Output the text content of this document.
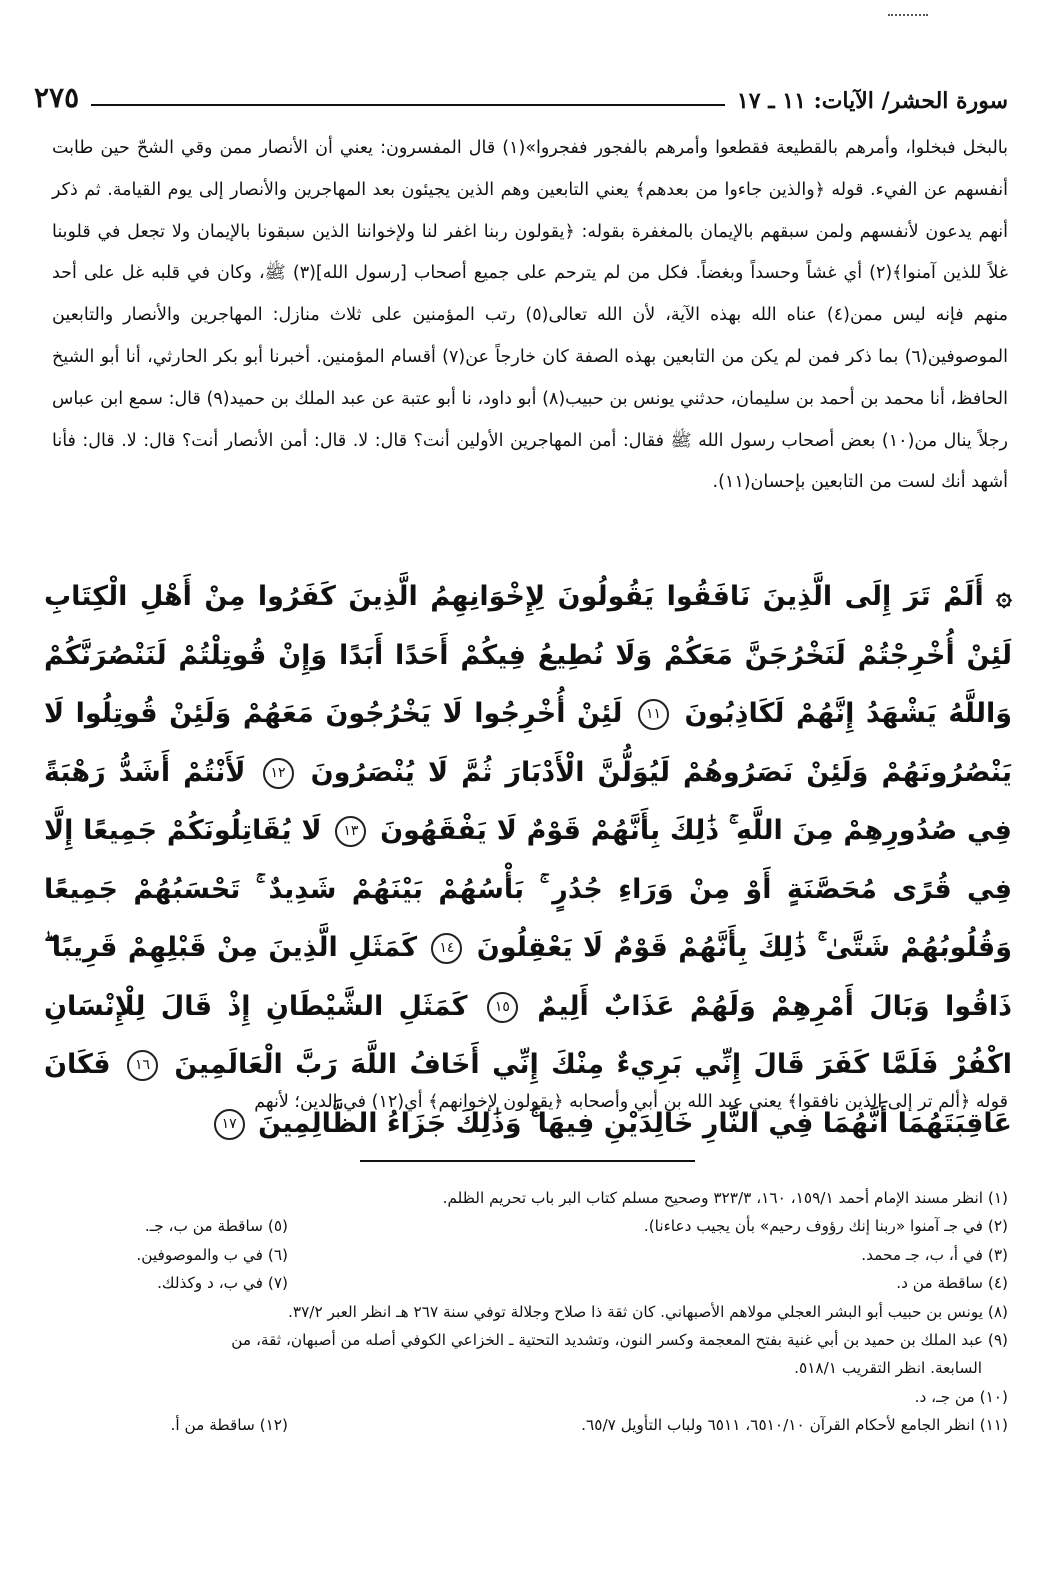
سورة الحشر/ الآيات: ١١ ـ ١٧
٢٧٥

بالبخل فبخلوا، وأمرهم بالقطيعة فقطعوا وأمرهم بالفجور ففجروا»(١) قال المفسرون: يعني أن الأنصار ممن وقي الشحّ حين طابت أنفسهم عن الفيء. قوله ﴿والذين جاءوا من بعدهم﴾ يعني التابعين وهم الذين يجيئون بعد المهاجرين والأنصار إلى يوم القيامة. ثم ذكر أنهم يدعون لأنفسهم ولمن سبقهم بالإيمان بالمغفرة بقوله: ﴿يقولون ربنا اغفر لنا ولإخواننا الذين سبقونا بالإيمان ولا تجعل في قلوبنا غلاً للذين آمنوا﴾(٢) أي غشاً وحسداً وبغضاً. فكل من لم يترحم على جميع أصحاب [رسول الله](٣) ﷺ، وكان في قلبه غل على أحد منهم فإنه ليس ممن(٤) عناه الله بهذه الآية، لأن الله تعالى(٥) رتب المؤمنين على ثلاث منازل: المهاجرين والأنصار والتابعين الموصوفين(٦) بما ذكر فمن لم يكن من التابعين بهذه الصفة كان خارجاً عن(٧) أقسام المؤمنين. أخبرنا أبو بكر الحارثي، أنا أبو الشيخ الحافظ، أنا محمد بن أحمد بن سليمان، حدثني يونس بن حبيب(٨) أبو داود، نا أبو عتبة عن عبد الملك بن حميد(٩) قال: سمع ابن عباس رجلاً ينال من(١٠) بعض أصحاب رسول الله ﷺ فقال: أمن المهاجرين الأولين أنت؟ قال: لا. قال: أمن الأنصار أنت؟ قال: لا. قال: فأنا أشهد أنك لست من التابعين بإحسان(١١).

۞ أَلَمْ تَرَ إِلَى الَّذِينَ نَافَقُوا يَقُولُونَ لِإِخْوَانِهِمُ الَّذِينَ كَفَرُوا مِنْ أَهْلِ الْكِتَابِ لَئِنْ أُخْرِجْتُمْ لَنَخْرُجَنَّ مَعَكُمْ وَلَا نُطِيعُ فِيكُمْ أَحَدًا أَبَدًا وَإِنْ قُوتِلْتُمْ لَنَنْصُرَنَّكُمْ وَاللَّهُ يَشْهَدُ إِنَّهُمْ لَكَاذِبُونَ ١١ لَئِنْ أُخْرِجُوا لَا يَخْرُجُونَ مَعَهُمْ وَلَئِنْ قُوتِلُوا لَا يَنْصُرُونَهُمْ وَلَئِنْ نَصَرُوهُمْ لَيُوَلُّنَّ الْأَدْبَارَ ثُمَّ لَا يُنْصَرُونَ ١٢ لَأَنْتُمْ أَشَدُّ رَهْبَةً فِي صُدُورِهِمْ مِنَ اللَّهِ ۚ ذَٰلِكَ بِأَنَّهُمْ قَوْمٌ لَا يَفْقَهُونَ ١٣ لَا يُقَاتِلُونَكُمْ جَمِيعًا إِلَّا فِي قُرًى مُحَصَّنَةٍ أَوْ مِنْ وَرَاءِ جُدُرٍ ۚ بَأْسُهُمْ بَيْنَهُمْ شَدِيدٌ ۚ تَحْسَبُهُمْ جَمِيعًا وَقُلُوبُهُمْ شَتَّىٰ ۚ ذَٰلِكَ بِأَنَّهُمْ قَوْمٌ لَا يَعْقِلُونَ ١٤ كَمَثَلِ الَّذِينَ مِنْ قَبْلِهِمْ قَرِيبًا ۖ ذَاقُوا وَبَالَ أَمْرِهِمْ وَلَهُمْ عَذَابٌ أَلِيمٌ ١٥ كَمَثَلِ الشَّيْطَانِ إِذْ قَالَ لِلْإِنْسَانِ اكْفُرْ فَلَمَّا كَفَرَ قَالَ إِنِّي بَرِيءٌ مِنْكَ إِنِّي أَخَافُ اللَّهَ رَبَّ الْعَالَمِينَ ١٦ فَكَانَ عَاقِبَتَهُمَا أَنَّهُمَا فِي النَّارِ خَالِدَيْنِ فِيهَا ۚ وَذَٰلِكَ جَزَاءُ الظَّالِمِينَ ١٧

قوله ﴿ألم تر إلى الذين نافقوا﴾ يعني عبد الله بن أبي وأصحابه ﴿يقولون لإخوانهم﴾ أي(١٢) في الدين؛ لأنهم

(١) انظر مسند الإمام أحمد ١٥٩/١، ١٦٠، ٣٢٣/٣ وصحيح مسلم كتاب البر باب تحريم الظلم.

(٢) في جـ آمنوا «ربنا إنك رؤوف رحيم» بأن يجيب دعاءنا).
(٥) ساقطة من ب، جـ.
(٣) في أ، ب، جـ محمد.
(٦) في ب والموصوفين.
(٤) ساقطة من د.
(٧) في ب، د وكذلك.

(٨) يونس بن حبيب أبو البشر العجلي مولاهم الأصبهاني. كان ثقة ذا صلاح وجلالة توفي سنة ٢٦٧ هـ انظر العبر ٣٧/٢.

(٩) عبد الملك بن حميد بن أبي غنية بفتح المعجمة وكسر النون، وتشديد التحتية ـ الخزاعي الكوفي أصله من أصبهان، ثقة، من

السابعة. انظر التقريب ٥١٨/١.

(١٠) من جـ، د.

(١١) انظر الجامع لأحكام القرآن ٦٥١٠/١٠، ٦٥١١ ولباب التأويل ٦٥/٧.
(١٢) ساقطة من أ.
